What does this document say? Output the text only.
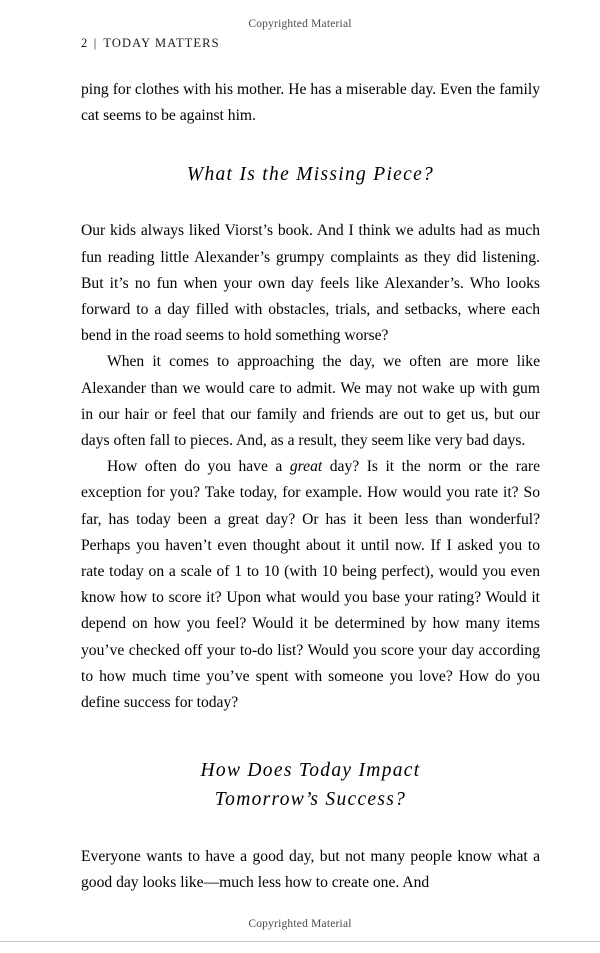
Copyrighted Material
2 | TODAY MATTERS

ping for clothes with his mother. He has a miserable day. Even the family cat seems to be against him.

What Is the Missing Piece?

Our kids always liked Viorst’s book. And I think we adults had as much fun reading little Alexander’s grumpy complaints as they did listening. But it’s no fun when your own day feels like Alexander’s. Who looks forward to a day filled with obstacles, trials, and setbacks, where each bend in the road seems to hold something worse?

When it comes to approaching the day, we often are more like Alexander than we would care to admit. We may not wake up with gum in our hair or feel that our family and friends are out to get us, but our days often fall to pieces. And, as a result, they seem like very bad days.

How often do you have a great day? Is it the norm or the rare exception for you? Take today, for example. How would you rate it? So far, has today been a great day? Or has it been less than wonderful? Perhaps you haven’t even thought about it until now. If I asked you to rate today on a scale of 1 to 10 (with 10 being perfect), would you even know how to score it? Upon what would you base your rating? Would it depend on how you feel? Would it be determined by how many items you’ve checked off your to-do list? Would you score your day according to how much time you’ve spent with someone you love? How do you define success for today?

How Does Today Impact
Tomorrow’s Success?

Everyone wants to have a good day, but not many people know what a good day looks like—much less how to create one. And

Copyrighted Material
